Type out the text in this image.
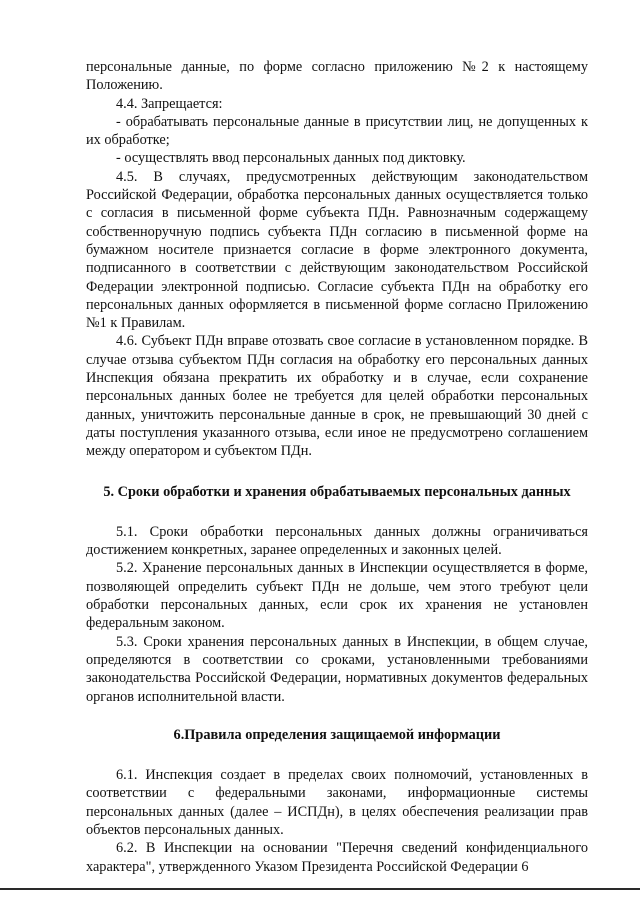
персональные данные, по форме согласно приложению №2 к настоящему Положению.

4.4. Запрещается:

- обрабатывать персональные данные в присутствии лиц, не допущенных к их обработке;

- осуществлять ввод персональных данных под диктовку.

4.5. В случаях, предусмотренных действующим законодательством Российской Федерации, обработка персональных данных осуществляется только с согласия в письменной форме субъекта ПДн. Равнозначным содержащему собственноручную подпись субъекта ПДн согласию в письменной форме на бумажном носителе признается согласие в форме электронного документа, подписанного в соответствии с действующим законодательством Российской Федерации электронной подписью. Согласие субъекта ПДн на обработку его персональных данных оформляется в письменной форме согласно Приложению №1 к Правилам.

4.6. Субъект ПДн вправе отозвать свое согласие в установленном порядке. В случае отзыва субъектом ПДн согласия на обработку его персональных данных Инспекция обязана прекратить их обработку и в случае, если сохранение персональных данных более не требуется для целей обработки персональных данных, уничтожить персональные данные в срок, не превышающий 30 дней с даты поступления указанного отзыва, если иное не предусмотрено соглашением между оператором и субъектом ПДн.

5. Сроки обработки и хранения обрабатываемых персональных данных

5.1. Сроки обработки персональных данных должны ограничиваться достижением конкретных, заранее определенных и законных целей.

5.2. Хранение персональных данных в Инспекции осуществляется в форме, позволяющей определить субъект ПДн не дольше, чем этого требуют цели обработки персональных данных, если срок их хранения не установлен федеральным законом.

5.3. Сроки хранения персональных данных в Инспекции, в общем случае, определяются в соответствии со сроками, установленными требованиями законодательства Российской Федерации, нормативных документов федеральных органов исполнительной власти.

6.Правила определения защищаемой информации

6.1. Инспекция создает в пределах своих полномочий, установленных в соответствии с федеральными законами, информационные системы персональных данных (далее – ИСПДн), в целях обеспечения реализации прав объектов персональных данных.

6.2. В Инспекции на основании "Перечня сведений конфиденциального характера", утвержденного Указом Президента Российской Федерации 6
